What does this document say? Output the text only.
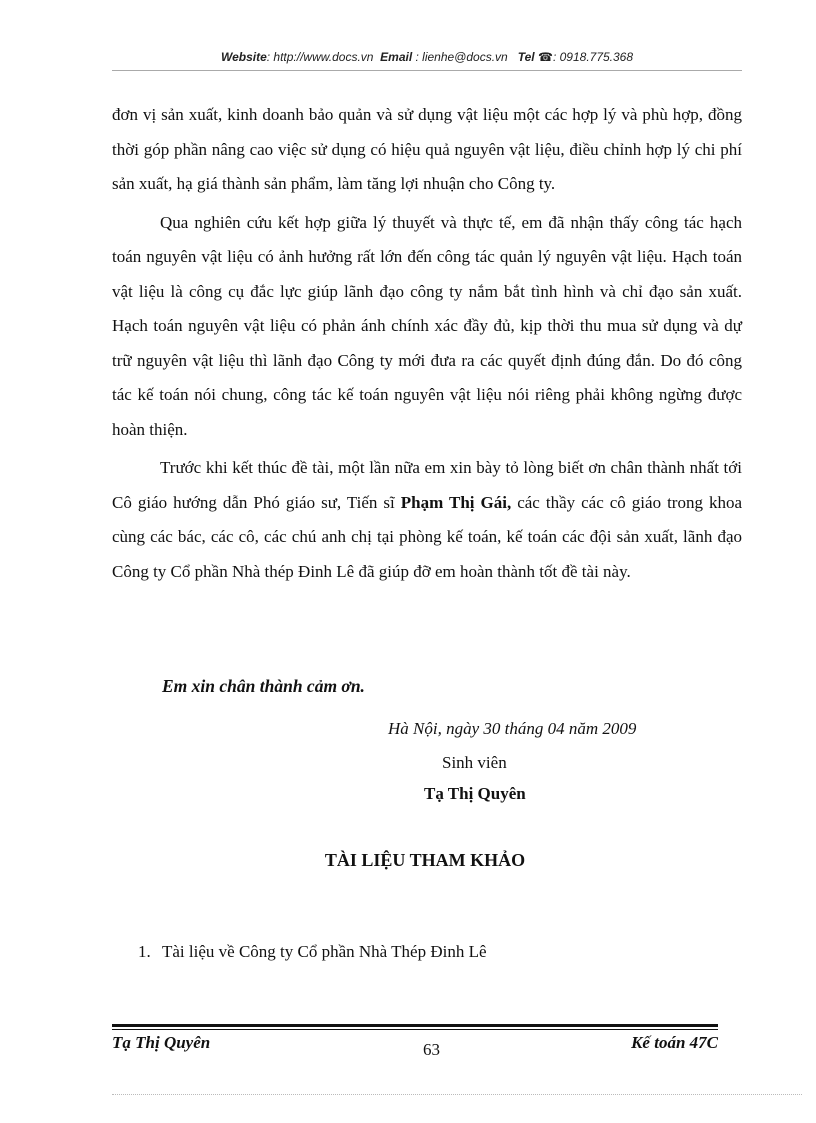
Website: http://www.docs.vn Email : lienhe@docs.vn Tel ☎: 0918.775.368

đơn vị sản xuất, kinh doanh bảo quản và sử dụng vật liệu một các hợp lý và phù hợp, đồng thời góp phần nâng cao việc sử dụng có hiệu quả nguyên vật liệu, điều chỉnh hợp lý chi phí sản xuất, hạ giá thành sản phẩm, làm tăng lợi nhuận cho Công ty.

Qua nghiên cứu kết hợp giữa lý thuyết và thực tế, em đã nhận thấy công tác hạch toán nguyên vật liệu có ảnh hưởng rất lớn đến công tác quản lý nguyên vật liệu. Hạch toán vật liệu là công cụ đắc lực giúp lãnh đạo công ty nắm bắt tình hình và chỉ đạo sản xuất. Hạch toán nguyên vật liệu có phản ánh chính xác đầy đủ, kịp thời thu mua sử dụng và dự trữ nguyên vật liệu thì lãnh đạo Công ty mới đưa ra các quyết định đúng đắn. Do đó công tác kế toán nói chung, công tác kế toán nguyên vật liệu nói riêng phải không ngừng được hoàn thiện.

Trước khi kết thúc đề tài, một lần nữa em xin bày tỏ lòng biết ơn chân thành nhất tới Cô giáo hướng dẫn Phó giáo sư, Tiến sĩ Phạm Thị Gái, các thầy các cô giáo trong khoa cùng các bác, các cô, các chú anh chị tại phòng kế toán, kế toán các đội sản xuất, lãnh đạo Công ty Cổ phần Nhà thép Đinh Lê đã giúp đỡ em hoàn thành tốt đề tài này.

Em xin chân thành cảm ơn.
Hà Nội, ngày 30 tháng 04 năm 2009
Sinh viên
Tạ Thị Quyên
TÀI LIỆU THAM KHẢO
1. Tài liệu về Công ty Cổ phần Nhà Thép Đinh Lê
Tạ Thị Quyên	63	Kế toán 47C
